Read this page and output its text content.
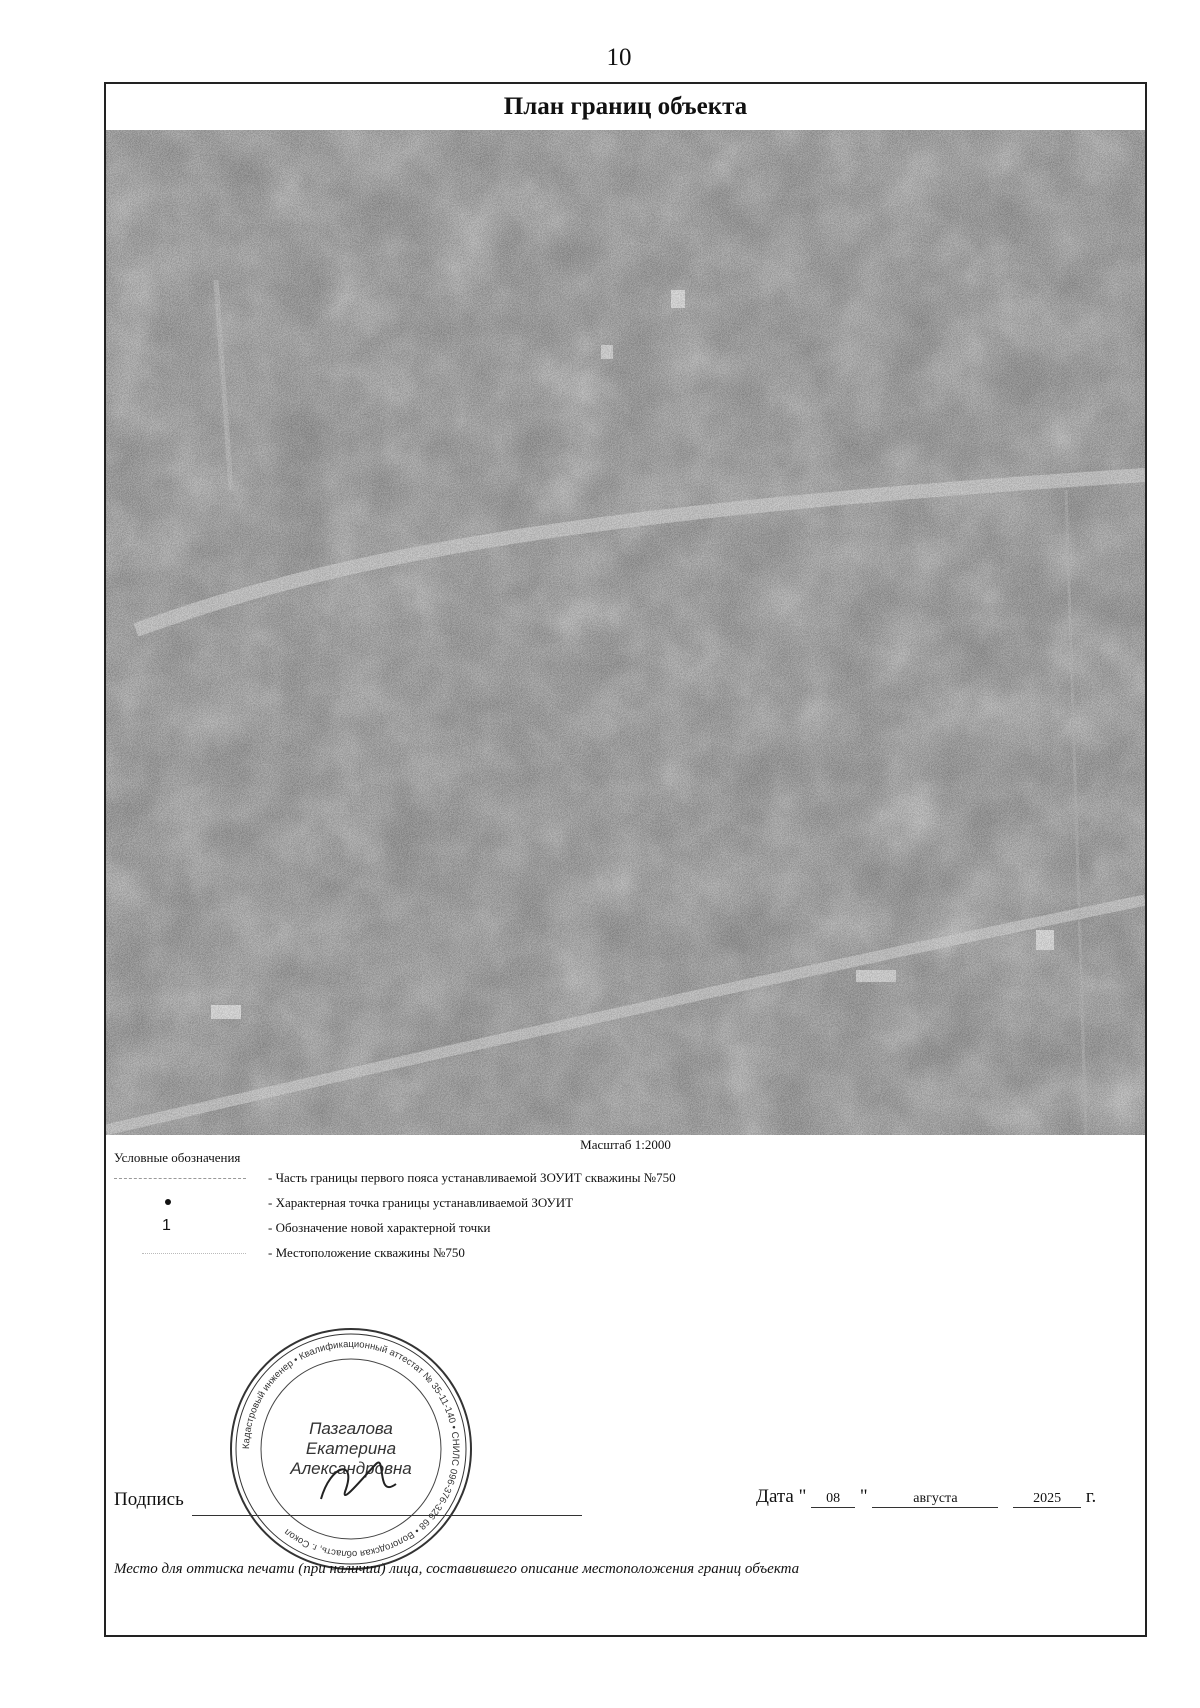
10
План границ объекта
Масштаб 1:2000
Условные обозначения
- Часть границы первого пояса устанавливаемой ЗОУИТ скважины №750
- Характерная точка границы устанавливаемой ЗОУИТ
1	- Обозначение новой характерной точки
- Местоположение скважины №750
Кадастровый инженер • Квалификационный аттестат № 35-11-140 • СНИЛС 096-376-326 68 • Вологодская область, г. Сокол
Пазгалова
Екатерина
Александровна
Подпись	Дата " 08 "	августа	2025 г.
Место для оттиска печати (при наличии) лица, составившего описание местоположения границ объекта
